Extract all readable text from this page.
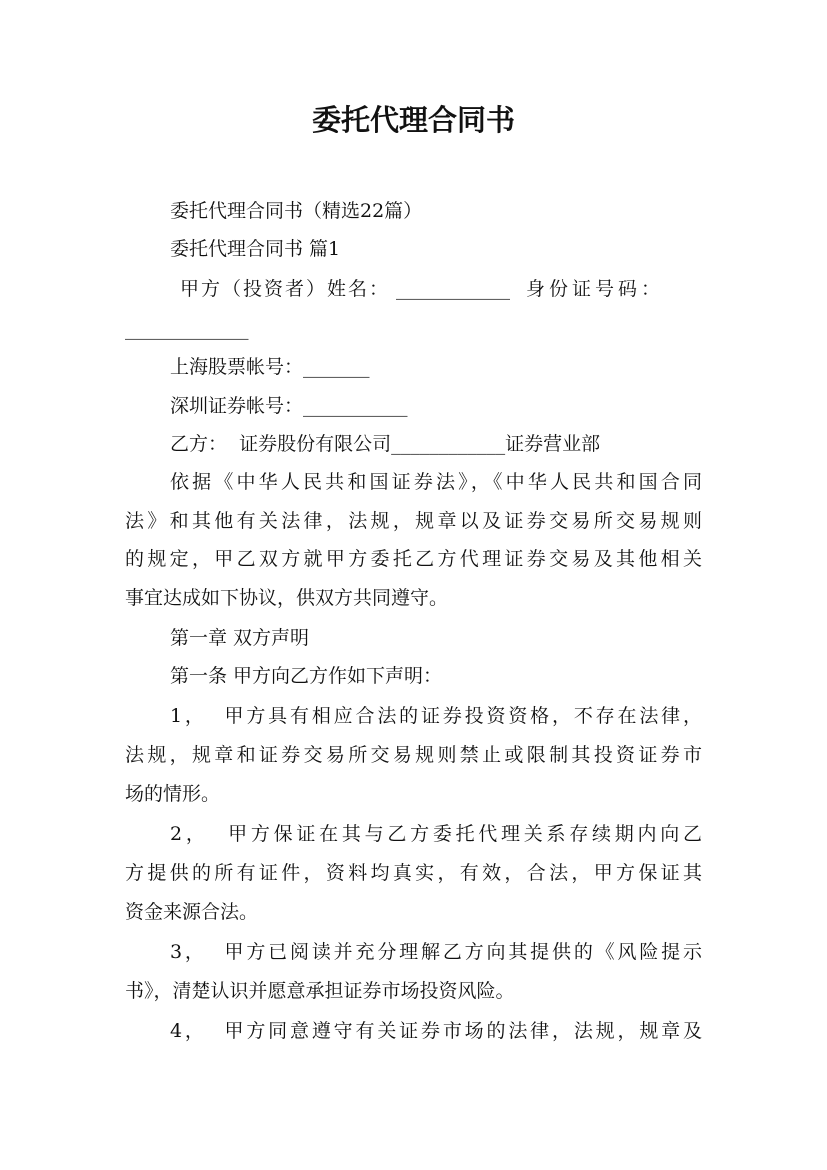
委托代理合同书
委托代理合同书（精选22篇）
委托代理合同书 篇1
甲方（投资者）姓名： ____________ 身份证号码：
_____________
上海股票帐号：_______
深圳证券帐号：___________
乙方：  证券股份有限公司____________证券营业部
依据《中华人民共和国证券法》，《中华人民共和国合同
法》和其他有关法律，法规，规章以及证券交易所交易规则
的规定，甲乙双方就甲方委托乙方代理证券交易及其他相关
事宜达成如下协议，供双方共同遵守。
第一章 双方声明
第一条 甲方向乙方作如下声明：
1，  甲方具有相应合法的证券投资资格，不存在法律，
法规，规章和证券交易所交易规则禁止或限制其投资证券市
场的情形。
2，  甲方保证在其与乙方委托代理关系存续期内向乙
方提供的所有证件，资料均真实，有效，合法，甲方保证其
资金来源合法。
3，  甲方已阅读并充分理解乙方向其提供的《风险提示
书》，清楚认识并愿意承担证券市场投资风险。
4，  甲方同意遵守有关证券市场的法律，法规，规章及
